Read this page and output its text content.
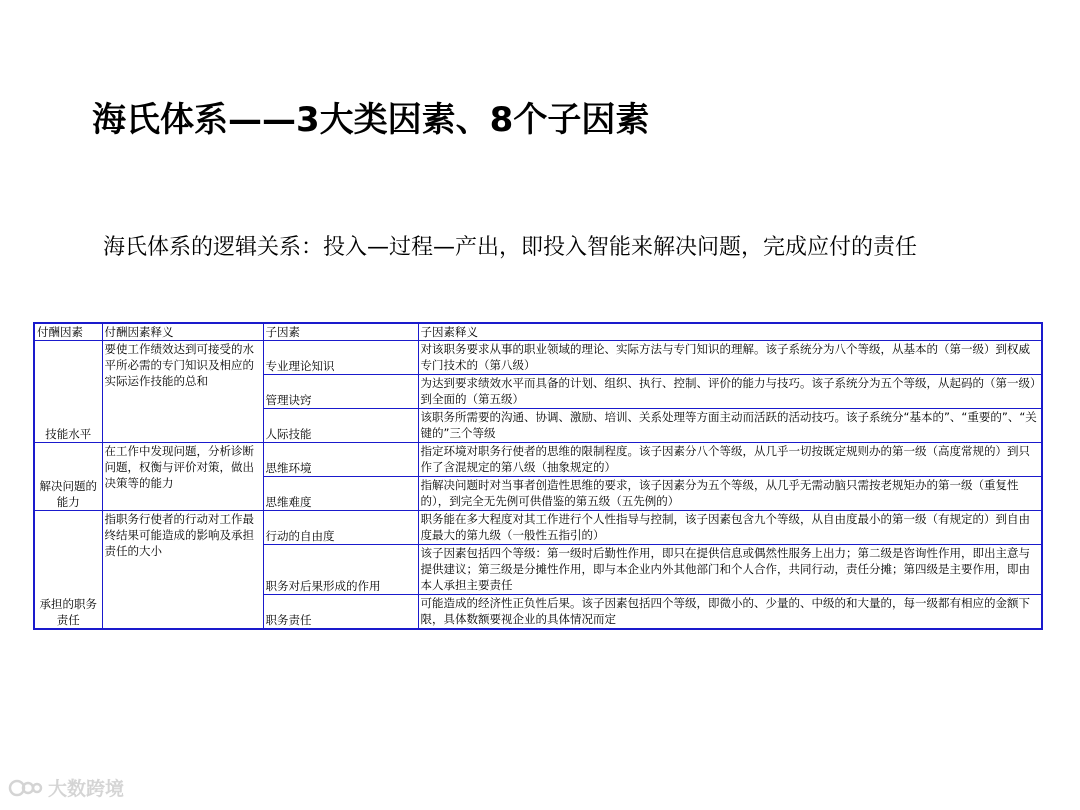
海氏体系——3大类因素、8个子因素
海氏体系的逻辑关系：投入—过程—产出，即投入智能来解决问题，完成应付的责任
付酬因素	付酬因素释义	子因素	子因素释义
技能水平	要使工作绩效达到可接受的水平所必需的专门知识及相应的实际运作技能的总和	专业理论知识	对该职务要求从事的职业领域的理论、实际方法与专门知识的理解。该子系统分为八个等级，从基本的（第一级）到权威专门技术的（第八级）
		管理诀窍	为达到要求绩效水平而具备的计划、组织、执行、控制、评价的能力与技巧。该子系统分为五个等级，从起码的（第一级）到全面的（第五级）
		人际技能	该职务所需要的沟通、协调、激励、培训、关系处理等方面主动而活跃的活动技巧。该子系统分“基本的”、“重要的”、“关键的”三个等级
解决问题的能力	在工作中发现问题，分析诊断问题，权衡与评价对策，做出决策等的能力	思维环境	指定环境对职务行使者的思维的限制程度。该子因素分八个等级，从几乎一切按既定规则办的第一级（高度常规的）到只作了含混规定的第八级（抽象规定的）
		思维难度	指解决问题时对当事者创造性思维的要求，该子因素分为五个等级，从几乎无需动脑只需按老规矩办的第一级（重复性的），到完全无先例可供借鉴的第五级（五先例的）
承担的职务责任	指职务行使者的行动对工作最终结果可能造成的影响及承担责任的大小	行动的自由度	职务能在多大程度对其工作进行个人性指导与控制，该子因素包含九个等级，从自由度最小的第一级（有规定的）到自由度最大的第九级（一般性五指引的）
		职务对后果形成的作用	该子因素包括四个等级：第一级时后勤性作用，即只在提供信息或偶然性服务上出力；第二级是咨询性作用，即出主意与提供建议；第三级是分摊性作用，即与本企业内外其他部门和个人合作，共同行动，责任分摊；第四级是主要作用，即由本人承担主要责任
		职务责任	可能造成的经济性正负性后果。该子因素包括四个等级，即微小的、少量的、中级的和大量的，每一级都有相应的金额下限，具体数额要视企业的具体情况而定
大数跨境
